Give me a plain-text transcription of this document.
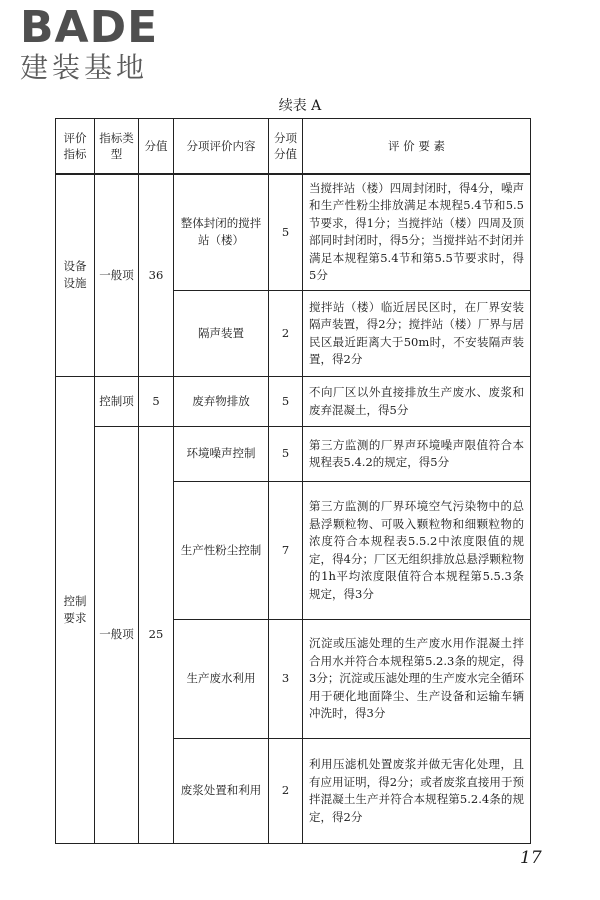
BADE
建装基地
续表 A
评价指标	指标类型	分值	分项评价内容	分项分值	评 价 要 素
设备设施	一般项	36	整体封闭的搅拌站（楼）	5	当搅拌站（楼）四周封闭时，得4分，噪声和生产性粉尘排放满足本规程5.4节和5.5节要求，得1分；当搅拌站（楼）四周及顶部同时封闭时，得5分；当搅拌站不封闭并满足本规程第5.4节和第5.5节要求时，得5分
			隔声装置	2	搅拌站（楼）临近居民区时，在厂界安装隔声装置，得2分；搅拌站（楼）厂界与居民区最近距离大于50m时，不安装隔声装置，得2分
控制要求	控制项	5	废弃物排放	5	不向厂区以外直接排放生产废水、废浆和废弃混凝土，得5分
	一般项	25	环境噪声控制	5	第三方监测的厂界声环境噪声限值符合本规程表5.4.2的规定，得5分
			生产性粉尘控制	7	第三方监测的厂界环境空气污染物中的总悬浮颗粒物、可吸入颗粒物和细颗粒物的浓度符合本规程表5.5.2中浓度限值的规定，得4分；厂区无组织排放总悬浮颗粒物的1h平均浓度限值符合本规程第5.5.3条规定，得3分
			生产废水利用	3	沉淀或压滤处理的生产废水用作混凝土拌合用水并符合本规程第5.2.3条的规定，得3分；沉淀或压滤处理的生产废水完全循环用于硬化地面降尘、生产设备和运输车辆冲洗时，得3分
			废浆处置和利用	2	利用压滤机处置废浆并做无害化处理，且有应用证明，得2分；或者废浆直接用于预拌混凝土生产并符合本规程第5.2.4条的规定，得2分
17
